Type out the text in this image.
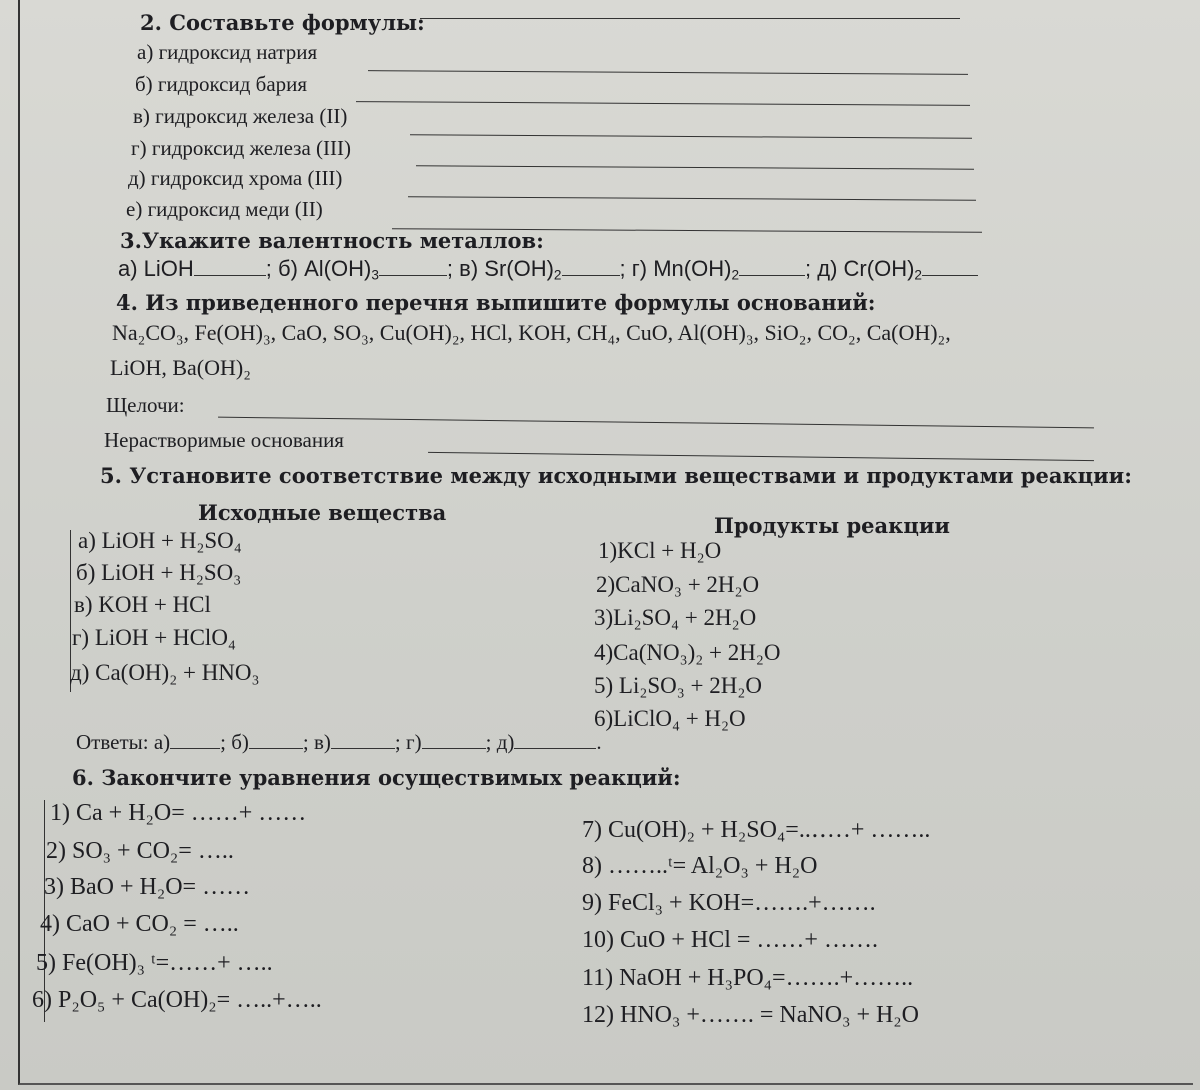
2. Составьте формулы:
а) гидроксид натрия
б) гидроксид бария
в) гидроксид железа (II)
г) гидроксид железа (III)
д) гидроксид хрома (III)
е) гидроксид меди (II)
3.Укажите валентность металлов:
а) LiOH	; б) $Al(OH)_3$	; в) $Sr(OH)_2$	; г) $Mn(OH)_2$	; д) $Cr(OH)_2$
4. Из приведенного перечня выпишите формулы оснований:
Na₂CO₃, Fe(OH)₃, CaO, SO₃, Cu(OH)₂, HCl, KOH, CH₄, CuO, Al(OH)₃, SiO₂, CO₂, Ca(OH)₂,
LiOH, Ba(OH)₂
Щелочи:
Нерастворимые основания
5. Установите соответствие между исходными веществами и продуктами реакции:
Исходные вещества
Продукты реакции
а) LiOH + H₂SO₄
б) LiOH + H₂SO₃
в) KOH + HCl
г) LiOH + HClO₄
д) Ca(OH)₂ + HNO₃
1)KCl + H₂O
2)CaNO₃ + 2H₂O
3)Li₂SO₄ + 2H₂O
4)Ca(NO₃)₂ + 2H₂O
5) Li₂SO₃ + 2H₂O
6)LiClO₄ + H₂O
Ответы: а) ; б)	; в)	; г)	; д)	.
6. Закончите уравнения осуществимых реакций:
1) Ca + H₂O= ……+ ……
2) SO₃ + CO₂= …..
3) BaO + H₂O= ……
4) CaO + CO₂ = …..
5) Fe(OH)₃ ᵗ=……+ …..
6) P₂O₅ + Ca(OH)₂= …..+…..
7) Cu(OH)₂ + H₂SO₄=..‥…+ ……..
8) ……..ᵗ= Al₂O₃ + H₂O
9) FeCl₃ + KOH=…….+…….
10) CuO + HCl = ……+ …….
11) NaOH + H₃PO₄=…….+……..
12) HNO₃ +……. = NaNO₃ + H₂O
